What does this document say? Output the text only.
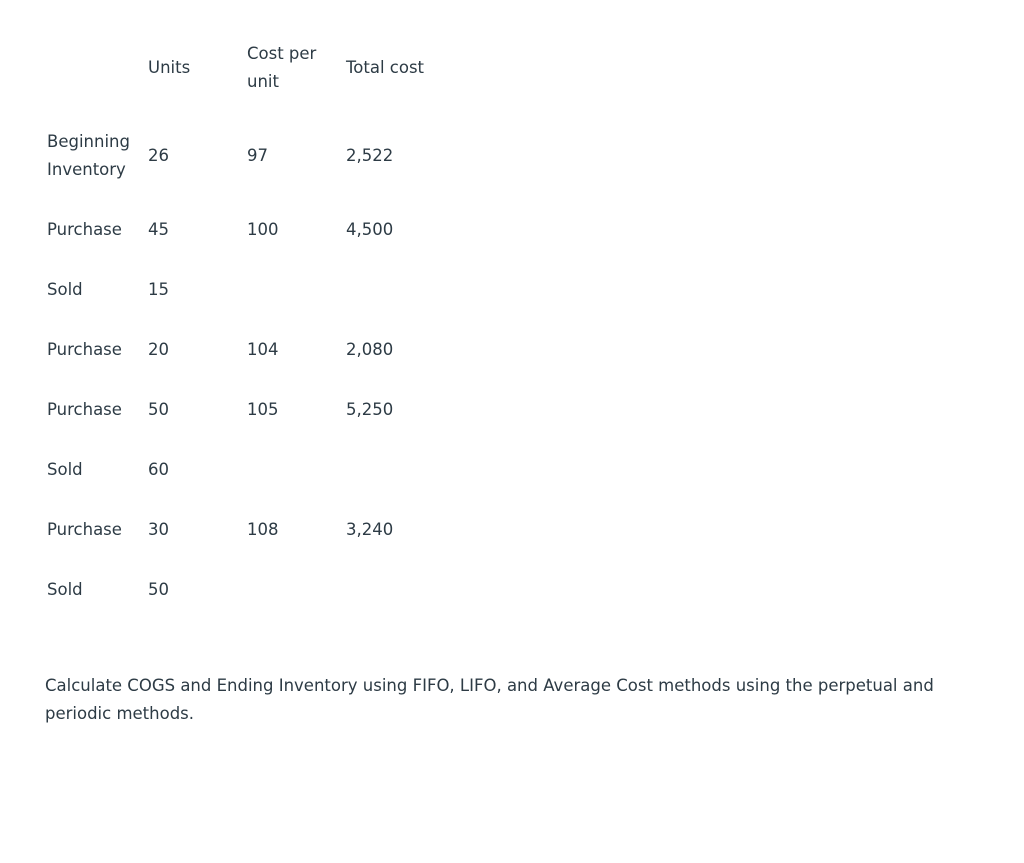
	Units	Cost per unit	Total cost

Beginning Inventory	26	97	2,522

Purchase	45	100	4,500

Sold	15		

Purchase	20	104	2,080

Purchase	50	105	5,250

Sold	60		

Purchase	30	108	3,240

Sold	50		

Calculate COGS and Ending Inventory using FIFO, LIFO, and Average Cost methods using the perpetual and periodic methods.
